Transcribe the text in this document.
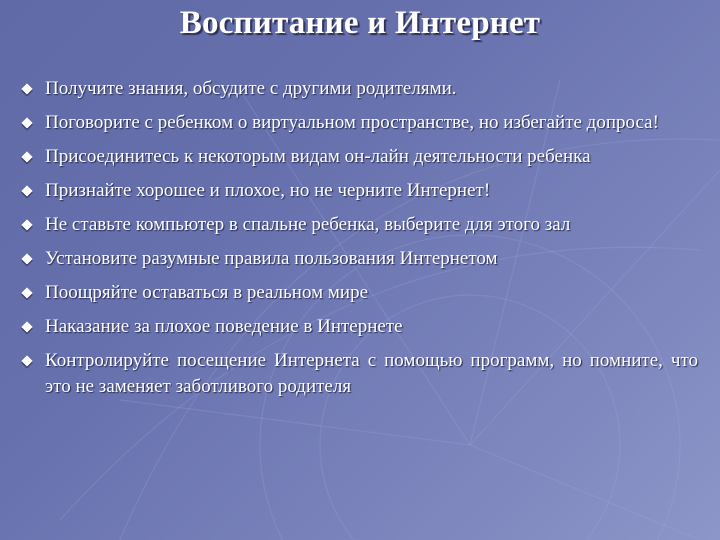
Воспитание и Интернет
Получите знания, обсудите с другими родителями.
Поговорите с ребенком о виртуальном пространстве, но избегайте допроса!
Присоединитесь к некоторым видам он-лайн деятельности ребенка
Признайте хорошее и плохое, но не черните Интернет!
Не ставьте компьютер в спальне ребенка, выберите для этого зал
Установите разумные правила пользования Интернетом
Поощряйте оставаться в реальном мире
Наказание за плохое поведение в Интернете
Контролируйте посещение Интернета с помощью программ, но помните, что это не заменяет заботливого родителя
